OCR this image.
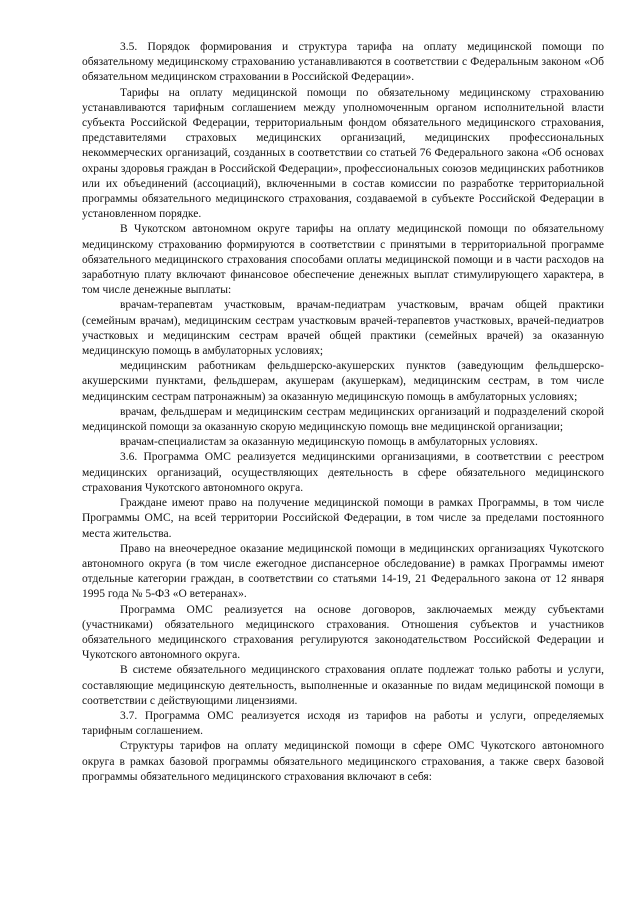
3.5. Порядок формирования и структура тарифа на оплату медицинской помощи по обязательному медицинскому страхованию устанавливаются в соответствии с Федеральным законом «Об обязательном медицинском страховании в Российской Федерации».

Тарифы на оплату медицинской помощи по обязательному медицинскому страхованию устанавливаются тарифным соглашением между уполномоченным органом исполнительной власти субъекта Российской Федерации, территориальным фондом обязательного медицинского страхования, представителями страховых медицинских организаций, медицинских профессиональных некоммерческих организаций, созданных в соответствии со статьей 76 Федерального закона «Об основах охраны здоровья граждан в Российской Федерации», профессиональных союзов медицинских работников или их объединений (ассоциаций), включенными в состав комиссии по разработке территориальной программы обязательного медицинского страхования, создаваемой в субъекте Российской Федерации в установленном порядке.

В Чукотском автономном округе тарифы на оплату медицинской помощи по обязательному медицинскому страхованию формируются в соответствии с принятыми в территориальной программе обязательного медицинского страхования способами оплаты медицинской помощи и в части расходов на заработную плату включают финансовое обеспечение денежных выплат стимулирующего характера, в том числе денежные выплаты:

врачам-терапевтам участковым, врачам-педиатрам участковым, врачам общей практики (семейным врачам), медицинским сестрам участковым врачей-терапевтов участковых, врачей-педиатров участковых и медицинским сестрам врачей общей практики (семейных врачей) за оказанную медицинскую помощь в амбулаторных условиях;

медицинским работникам фельдшерско-акушерских пунктов (заведующим фельдшерско-акушерскими пунктами, фельдшерам, акушерам (акушеркам), медицинским сестрам, в том числе медицинским сестрам патронажным) за оказанную медицинскую помощь в амбулаторных условиях;

врачам, фельдшерам и медицинским сестрам медицинских организаций и подразделений скорой медицинской помощи за оказанную скорую медицинскую помощь вне медицинской организации;

врачам-специалистам за оказанную медицинскую помощь в амбулаторных условиях.

3.6. Программа ОМС реализуется медицинскими организациями, в соответствии с реестром медицинских организаций, осуществляющих деятельность в сфере обязательного медицинского страхования Чукотского автономного округа.

Граждане имеют право на получение медицинской помощи в рамках Программы, в том числе Программы ОМС, на всей территории Российской Федерации, в том числе за пределами постоянного места жительства.

Право на внеочередное оказание медицинской помощи в медицинских организациях Чукотского автономного округа (в том числе ежегодное диспансерное обследование) в рамках Программы имеют отдельные категории граждан, в соответствии со статьями 14-19, 21 Федерального закона от 12 января 1995 года № 5-ФЗ «О ветеранах».

Программа ОМС реализуется на основе договоров, заключаемых между субъектами (участниками) обязательного медицинского страхования. Отношения субъектов и участников обязательного медицинского страхования регулируются законодательством Российской Федерации и Чукотского автономного округа.

В системе обязательного медицинского страхования оплате подлежат только работы и услуги, составляющие медицинскую деятельность, выполненные и оказанные по видам медицинской помощи в соответствии с действующими лицензиями.

3.7. Программа ОМС реализуется исходя из тарифов на работы и услуги, определяемых тарифным соглашением.

Структуры тарифов на оплату медицинской помощи в сфере ОМС Чукотского автономного округа в рамках базовой программы обязательного медицинского страхования, а также сверх базовой программы обязательного медицинского страхования включают в себя:
